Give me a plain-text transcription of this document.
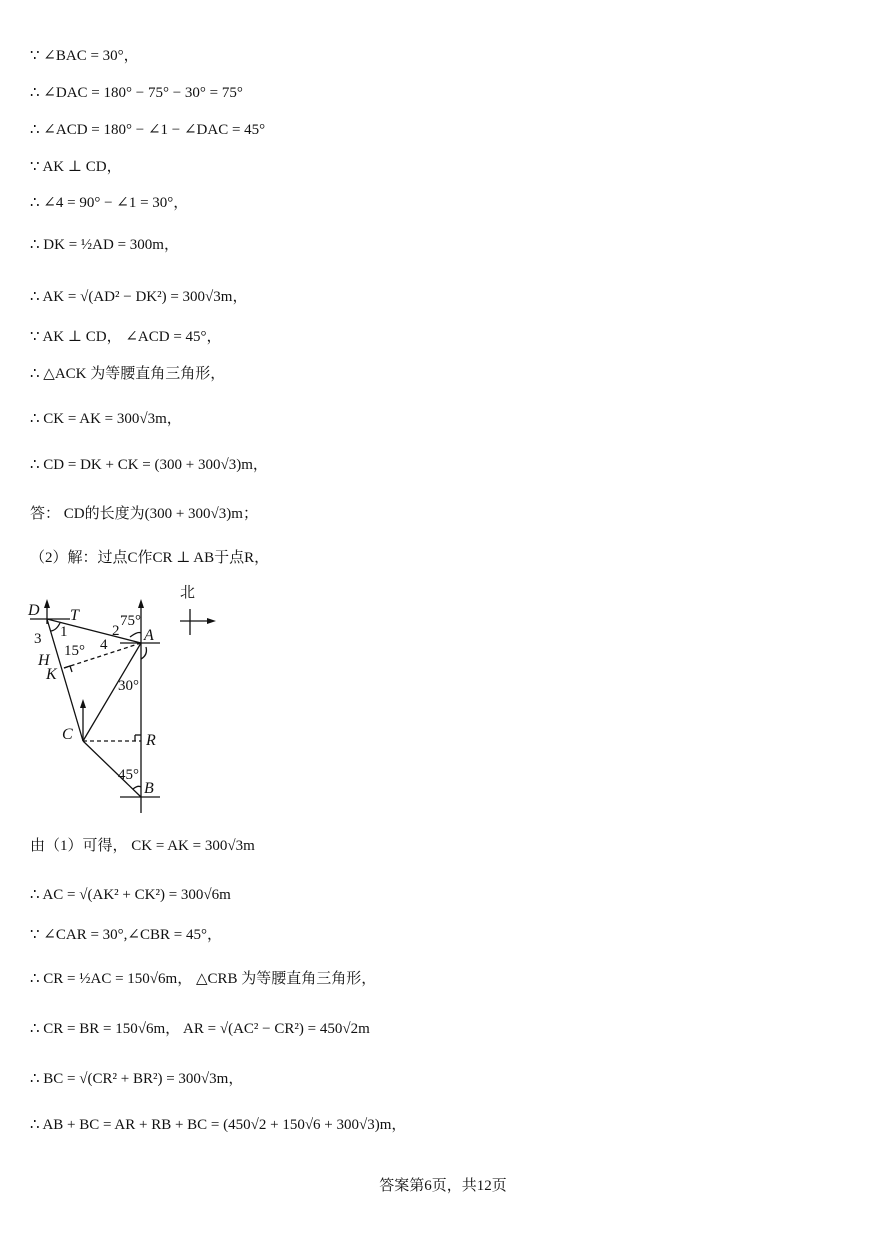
∵ ∠BAC = 30°，
∴ ∠DAC = 180° − 75° − 30° = 75°
∴ ∠ACD = 180° − ∠1 − ∠DAC = 45°
∵ AK ⊥ CD，
∴ ∠4 = 90° − ∠1 = 30°，
∴ DK = ½AD = 300m，
∴ AK = √(AD² − DK²) = 300√3m，
∵ AK ⊥ CD， ∠ACD = 45°，
∴ △ACK 为等腰直角三角形，
∴ CK = AK = 300√3m，
∴ CD = DK + CK = (300 + 300√3)m，
答： CD的长度为(300 + 300√3)m；
（2）解：过点C作CR ⊥ AB于点R，
D T
A
H
K
C	R
B
北
1	2
3	4
75°
15°
30°
45°
由（1）可得， CK = AK = 300√3m
∴ AC = √(AK² + CK²) = 300√6m
∵ ∠CAR = 30°,∠CBR = 45°，
∴ CR = ½AC = 150√6m， △CRB 为等腰直角三角形，
∴ CR = BR = 150√6m， AR = √(AC² − CR²) = 450√2m
∴ BC = √(CR² + BR²) = 300√3m，
∴ AB + BC = AR + RB + BC = (450√2 + 150√6 + 300√3)m，
答案第6页，共12页
